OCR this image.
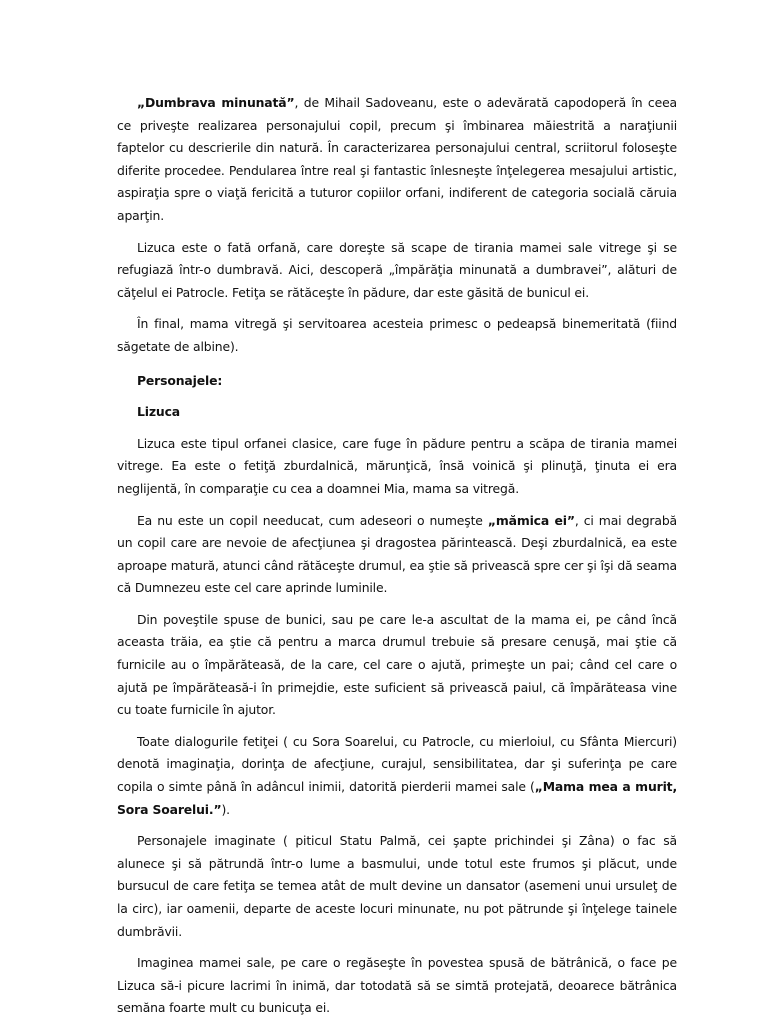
„Dumbrava minunată”, de Mihail Sadoveanu, este o adevărată capodoperă în ceea ce priveşte realizarea personajului copil, precum şi îmbinarea măiestrită a naraţiunii faptelor cu descrierile din natură. În caracterizarea personajului central, scriitorul foloseşte diferite procedee. Pendularea între real şi fantastic înlesneşte înţelegerea mesajului artistic, aspiraţia spre o viaţă fericită a tuturor copiilor orfani, indiferent de categoria socială căruia aparţin.

Lizuca este o fată orfană, care doreşte să scape de tirania mamei sale vitrege şi se refugiază într-o dumbravă. Aici, descoperă „împărăţia minunată a dumbravei”, alături de căţelul ei Patrocle. Fetiţa se rătăceşte în pădure, dar este găsită de bunicul ei.

În final, mama vitregă şi servitoarea acesteia primesc o pedeapsă binemeritată (fiind săgetate de albine).

Personajele:

Lizuca

Lizuca este tipul orfanei clasice, care fuge în pădure pentru a scăpa de tirania mamei vitrege. Ea este o fetiţă zburdalnică, mărunţică, însă voinică şi plinuţă, ţinuta ei era neglijentă, în comparaţie cu cea a doamnei Mia, mama sa vitregă.

Ea nu este un copil needucat, cum adeseori o numeşte „mămica ei”, ci mai degrabă un copil care are nevoie de afecţiunea şi dragostea părintească. Deşi zburdalnică, ea este aproape matură, atunci când rătăceşte drumul, ea ştie să privească spre cer şi îşi dă seama că Dumnezeu este cel care aprinde luminile.

Din poveştile spuse de bunici, sau pe care le-a ascultat de la mama ei, pe când încă aceasta trăia, ea ştie că pentru a marca drumul trebuie să presare cenuşă, mai ştie că furnicile au o împărăteasă, de la care, cel care o ajută, primeşte un pai; când cel care o ajută pe împărăteasă-i în primejdie, este suficient să privească paiul, că împărăteasa vine cu toate furnicile în ajutor.

Toate dialogurile fetiţei ( cu Sora Soarelui, cu Patrocle, cu mierloiul, cu Sfânta Miercuri) denotă imaginaţia, dorinţa de afecţiune, curajul, sensibilitatea, dar şi suferinţa pe care copila o simte până în adâncul inimii, datorită pierderii mamei sale („Mama mea a murit, Sora Soarelui.”).

Personajele imaginate ( piticul Statu Palmă, cei şapte prichindei şi Zâna) o fac să alunece şi să pătrundă într-o lume a basmului, unde totul este frumos şi plăcut, unde bursucul de care fetiţa se temea atât de mult devine un dansator (asemeni unui ursuleţ de la circ), iar oamenii, departe de aceste locuri minunate, nu pot pătrunde şi înţelege tainele dumbrăvii.

Imaginea mamei sale, pe care o regăseşte în povestea spusă de bătrânică, o face pe Lizuca să-i picure lacrimi în inimă, dar totodată să se simtă protejată, deoarece bătrânica semăna foarte mult cu bunicuţa ei.
